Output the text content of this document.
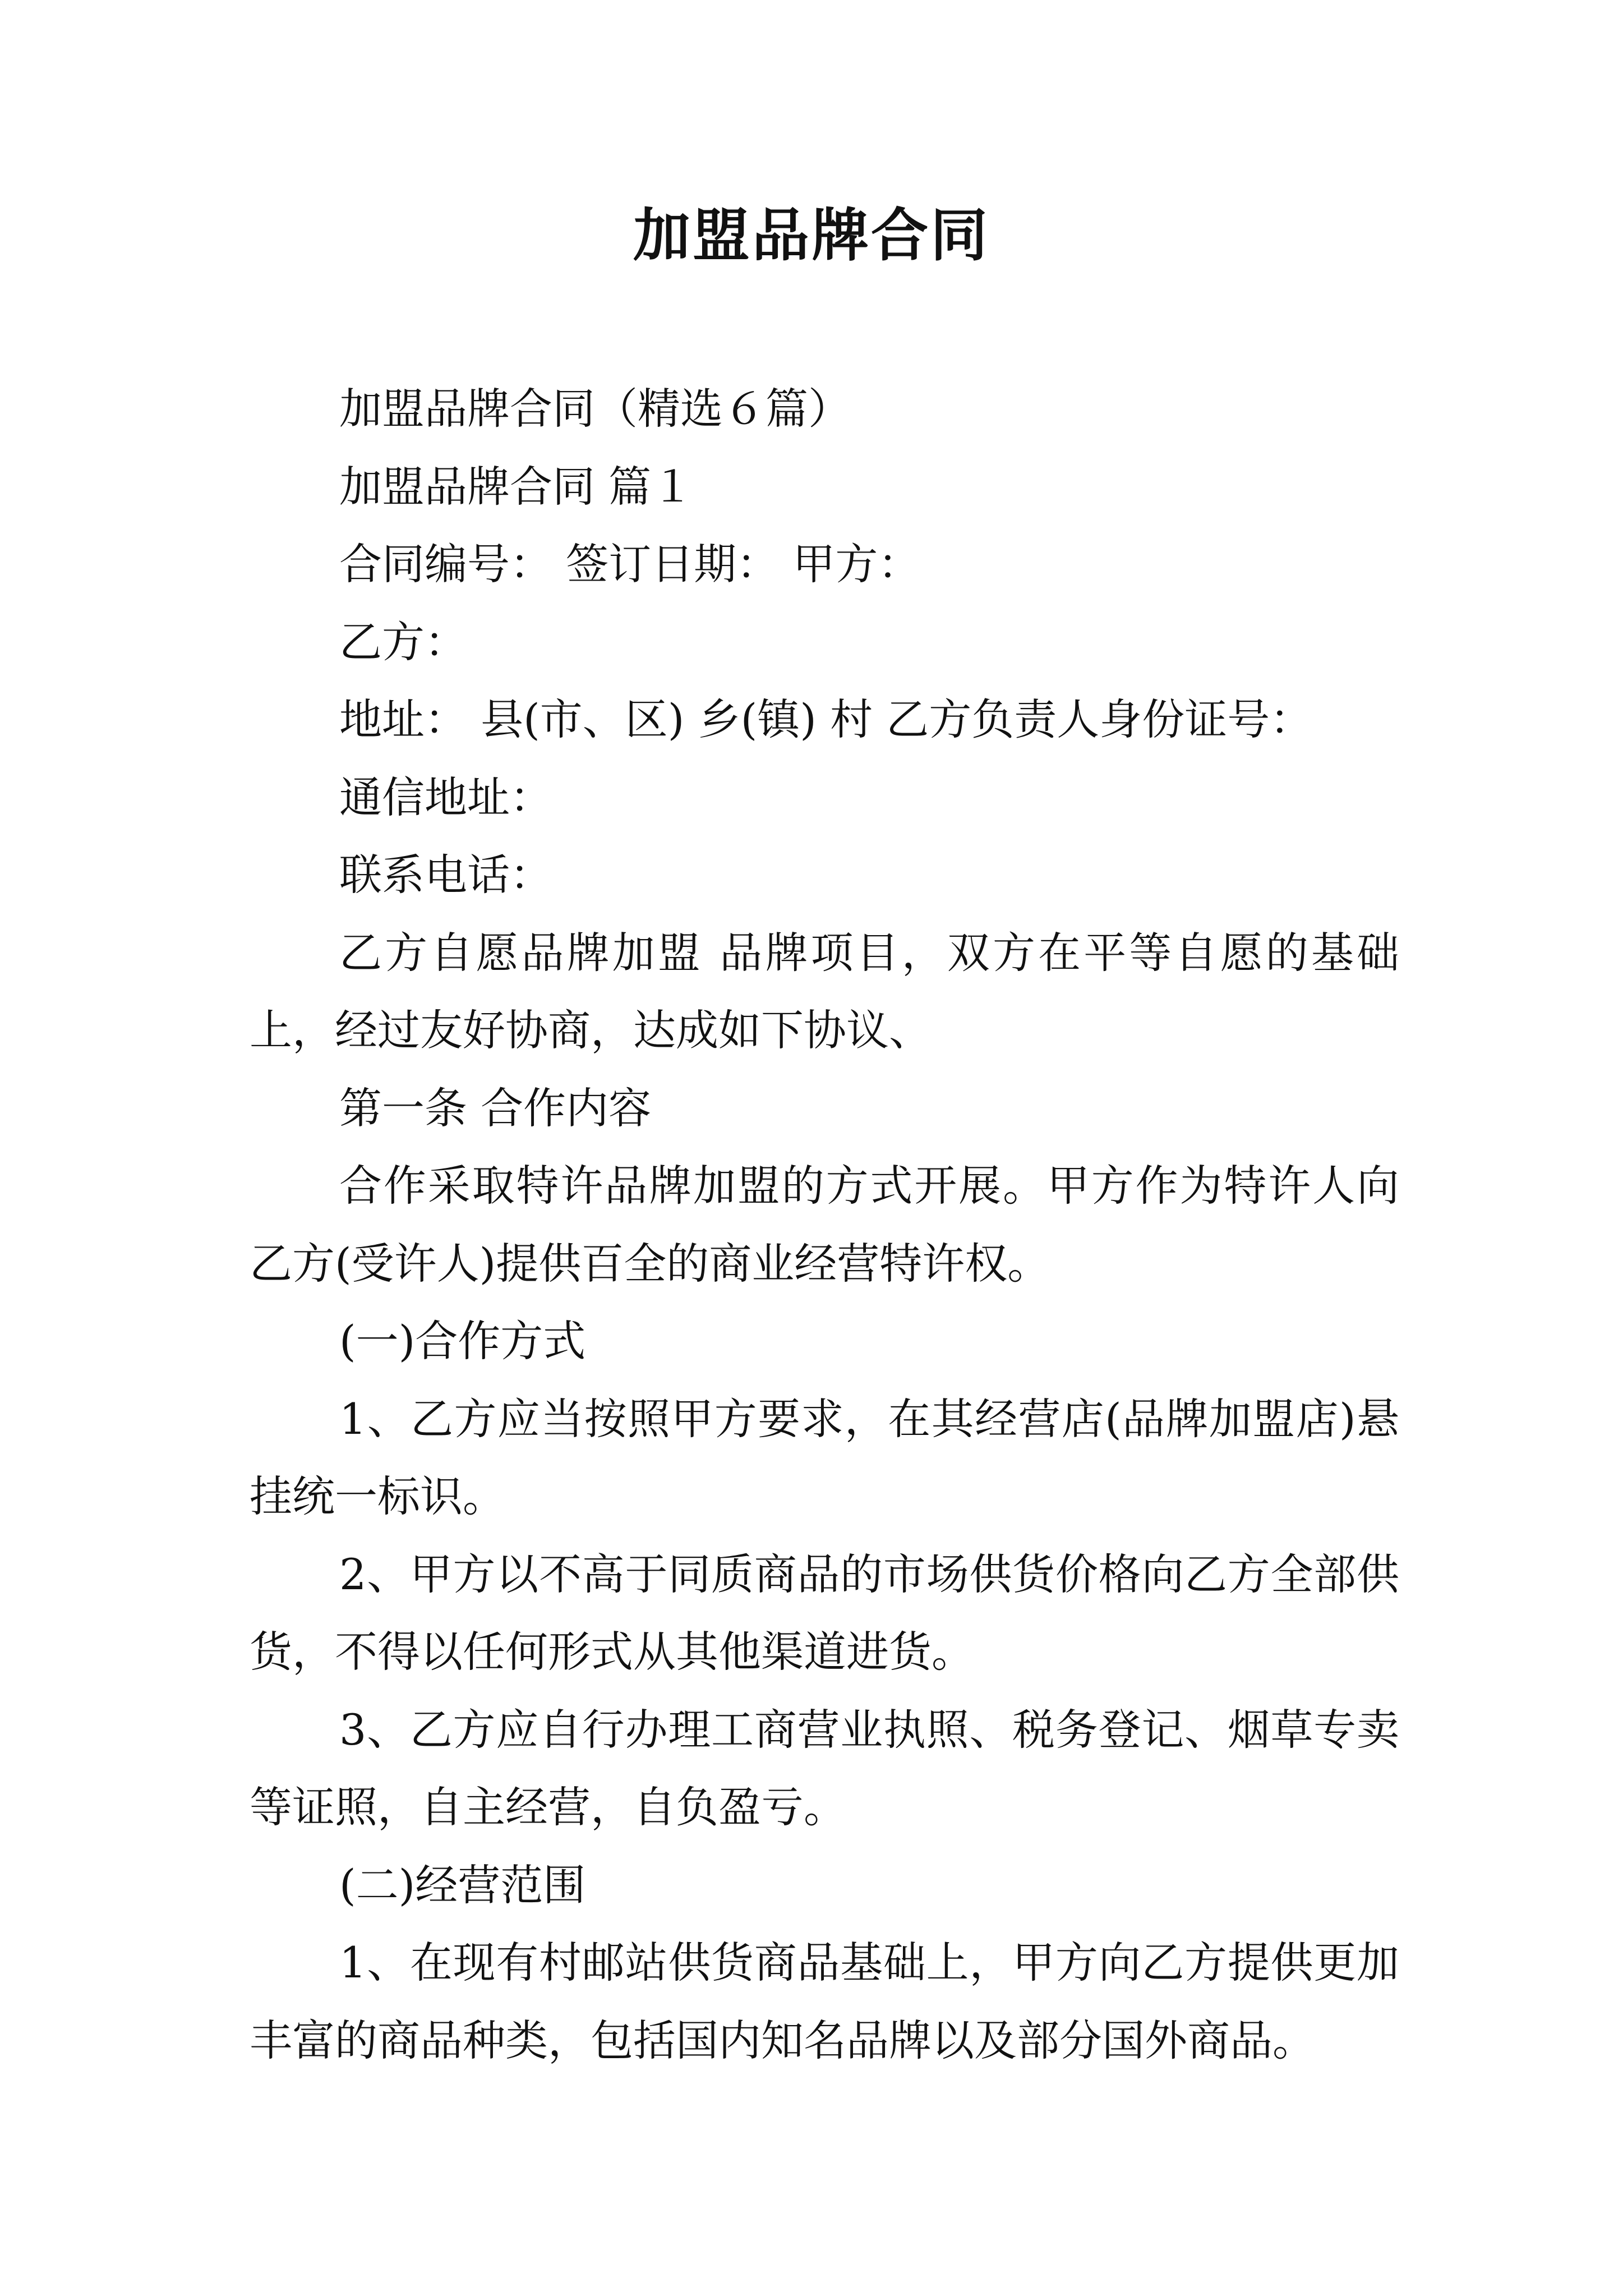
加盟品牌合同

加盟品牌合同（精选６篇）

加盟品牌合同 篇１

合同编号： 签订日期： 甲方：

乙方：

地址： 县(市、区) 乡(镇) 村 乙方负责人身份证号：

通信地址：

联系电话：

乙方自愿品牌加盟 品牌项目，双方在平等自愿的基础上，经过友好协商，达成如下协议、

第一条 合作内容

合作采取特许品牌加盟的方式开展。甲方作为特许人向乙方(受许人)提供百全的商业经营特许权。

(一)合作方式

1、乙方应当按照甲方要求，在其经营店(品牌加盟店)悬挂统一标识。

2、甲方以不高于同质商品的市场供货价格向乙方全部供货，不得以任何形式从其他渠道进货。

3、乙方应自行办理工商营业执照、税务登记、烟草专卖等证照，自主经营，自负盈亏。

(二)经营范围

1、在现有村邮站供货商品基础上，甲方向乙方提供更加丰富的商品种类，包括国内知名品牌以及部分国外商品。
